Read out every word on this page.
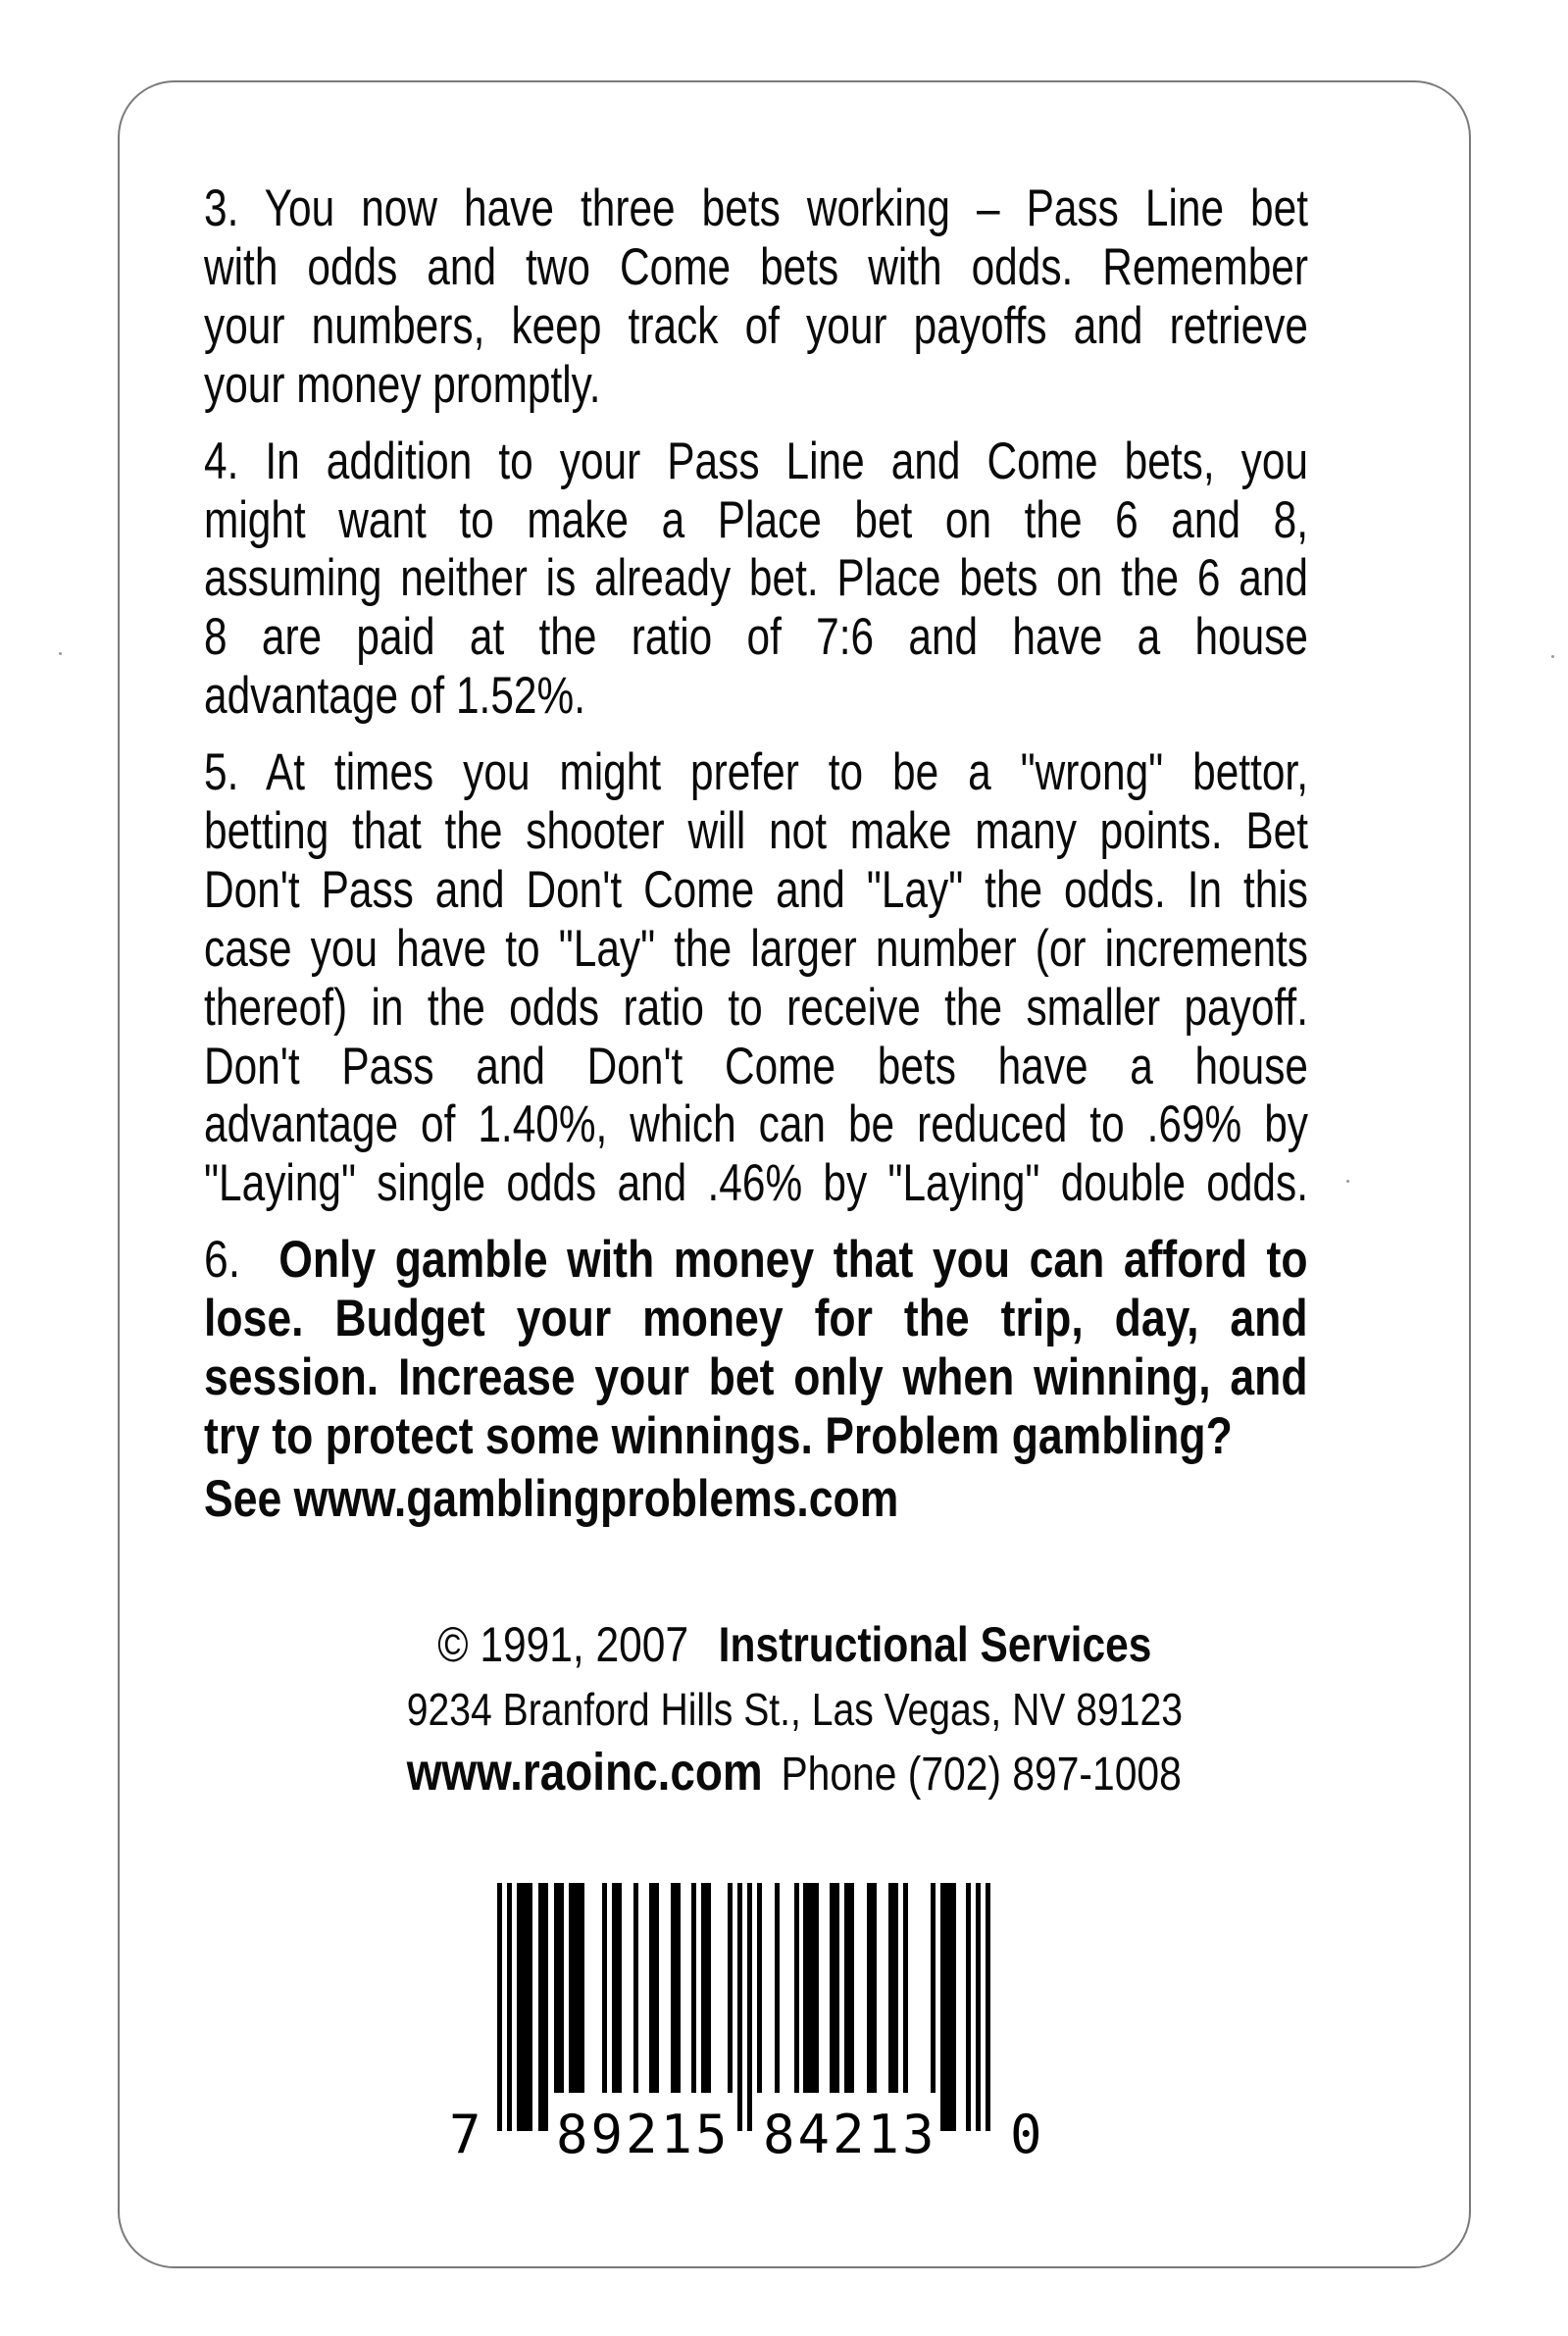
3. You now have three bets working – Pass Line bet
with odds and two Come bets with odds. Remember
your numbers, keep track of your payoffs and retrieve
your money promptly.
4. In addition to your Pass Line and Come bets, you
might want to make a Place bet on the 6 and 8,
assuming neither is already bet. Place bets on the 6 and
8 are paid at the ratio of 7:6 and have a house
advantage of 1.52%.
5. At times you might prefer to be a "wrong" bettor,
betting that the shooter will not make many points. Bet
Don't Pass and Don't Come and "Lay" the odds. In this
case you have to "Lay" the larger number (or increments
thereof) in the odds ratio to receive the smaller payoff.
Don't Pass and Don't Come bets have a house
advantage of 1.40%, which can be reduced to .69% by
"Laying" single odds and .46% by "Laying" double odds.
6. Only gamble with money that you can afford to
lose. Budget your money for the trip, day, and
session. Increase your bet only when winning, and
try to protect some winnings. Problem gambling?
See www.gamblingproblems.com
© 1991, 2007 Instructional Services
9234 Branford Hills St., Las Vegas, NV 89123
www.raoinc.com Phone (702) 897-1008
7 89215 84213 0
